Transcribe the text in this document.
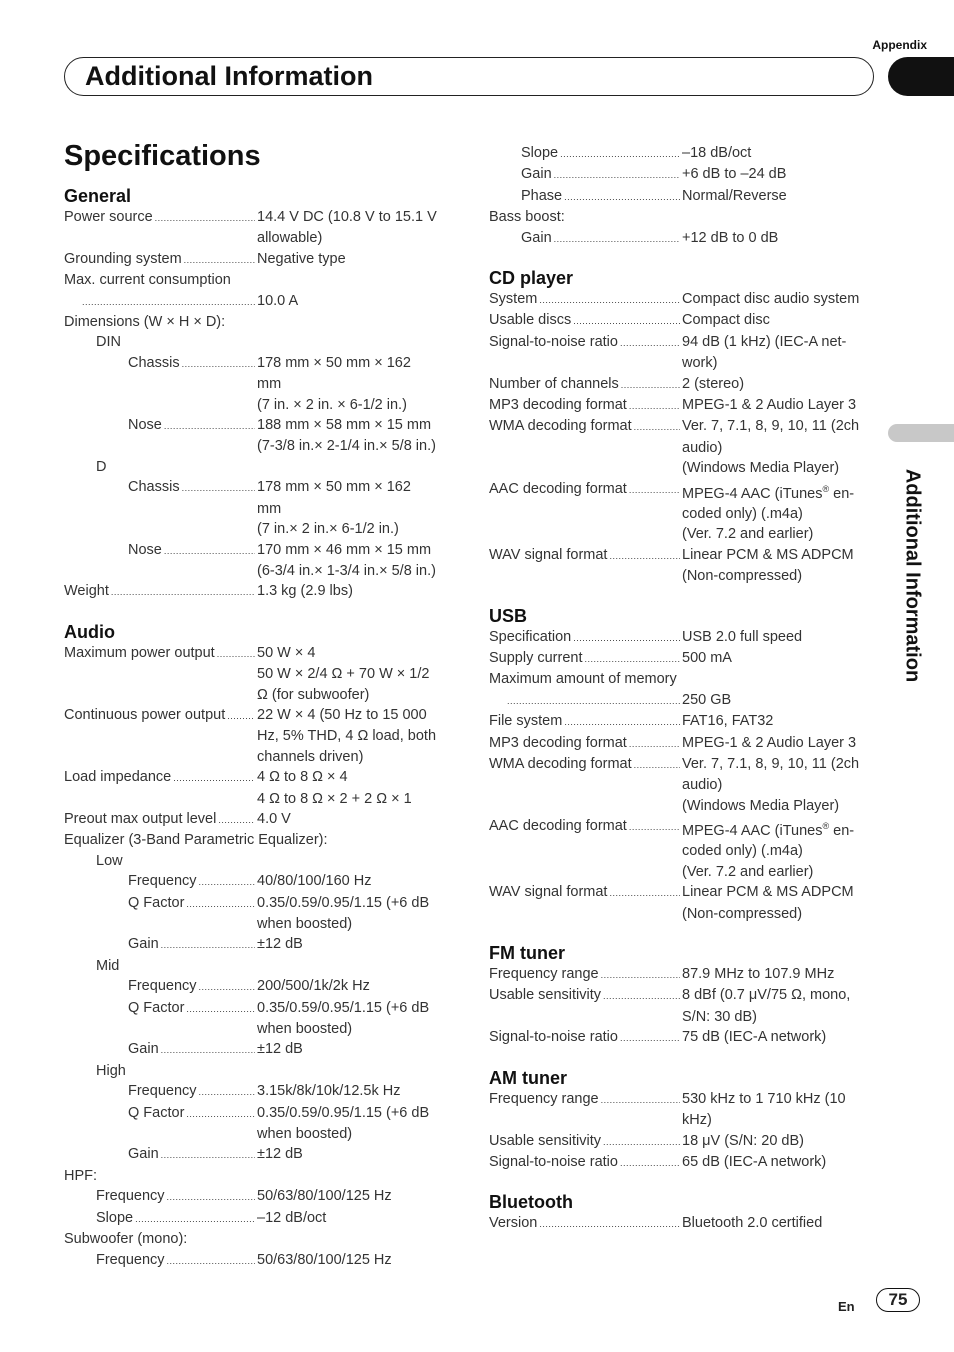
Appendix
Additional Information
Additional Information
Specifications
General
Power source .....	14.4 V DC (10.8 V to 15.1 V
allowable)
Grounding system .....	Negative type
Max. current consumption
.....
10.0 A
Dimensions (W × H × D):
DIN
Chassis .....	178 mm × 50 mm × 162
mm
(7 in. × 2 in. × 6-1/2 in.)
Nose .....	188 mm × 58 mm × 15 mm
(7-3/8 in.× 2-1/4 in.× 5/8 in.)
D
Chassis .....	178 mm × 50 mm × 162
mm
(7 in.× 2 in.× 6-1/2 in.)
Nose .....	170 mm × 46 mm × 15 mm
(6-3/4 in.× 1-3/4 in.× 5/8 in.)
Weight .....	1.3 kg (2.9 lbs)
Audio
Maximum power output .....	50 W × 4
50 W × 2/4 Ω + 70 W × 1/2
Ω (for subwoofer)
Continuous power output ..... 22 W × 4 (50 Hz to 15 000
Hz, 5% THD, 4 Ω load, both
channels driven)
Load impedance .....	4 Ω to 8 Ω × 4
4 Ω to 8 Ω × 2 + 2 Ω × 1
Preout max output level .....	4.0 V
Equalizer (3-Band Parametric Equalizer):
Low
Frequency .....	40/80/100/160 Hz
Q Factor .....	0.35/0.59/0.95/1.15 (+6 dB
when boosted)
Gain .....	±12 dB
Mid
Frequency .....	200/500/1k/2k Hz
Q Factor .....	0.35/0.59/0.95/1.15 (+6 dB
when boosted)
Gain .....	±12 dB
High
Frequency .....	3.15k/8k/10k/12.5k Hz
Q Factor .....	0.35/0.59/0.95/1.15 (+6 dB
when boosted)
Gain .....	±12 dB
HPF:
Frequency .....	50/63/80/100/125 Hz
Slope .....	–12 dB/oct
Subwoofer (mono):
Frequency .....	50/63/80/100/125 Hz
Slope .....	–18 dB/oct
Gain .....	+6 dB to –24 dB
Phase .....	Normal/Reverse
Bass boost:
Gain .....	+12 dB to 0 dB
CD player
System .....	Compact disc audio system
Usable discs .....	Compact disc
Signal-to-noise ratio .....	94 dB (1 kHz) (IEC-A net-
work)
Number of channels .....	2 (stereo)
MP3 decoding format .....	MPEG-1 & 2 Audio Layer 3
WMA decoding format .....	Ver. 7, 7.1, 8, 9, 10, 11 (2ch
audio)
(Windows Media Player)
AAC decoding format .....	MPEG-4 AAC (iTunes® en-
coded only) (.m4a)
(Ver. 7.2 and earlier)
WAV signal format .....	Linear PCM & MS ADPCM
(Non-compressed)
USB
Specification .....	USB 2.0 full speed
Supply current .....	500 mA
Maximum amount of memory
.....
250 GB
File system .....	FAT16, FAT32
MP3 decoding format .....	MPEG-1 & 2 Audio Layer 3
WMA decoding format .....	Ver. 7, 7.1, 8, 9, 10, 11 (2ch
audio)
(Windows Media Player)
AAC decoding format .....	MPEG-4 AAC (iTunes® en-
coded only) (.m4a)
(Ver. 7.2 and earlier)
WAV signal format .....	Linear PCM & MS ADPCM
(Non-compressed)
FM tuner
Frequency range .....	87.9 MHz to 107.9 MHz
Usable sensitivity .....	8 dBf (0.7 μV/75 Ω, mono,
S/N: 30 dB)
Signal-to-noise ratio .....	75 dB (IEC-A network)
AM tuner
Frequency range .....	530 kHz to 1 710 kHz (10
kHz)
Usable sensitivity .....	18 μV (S/N: 20 dB)
Signal-to-noise ratio .....	65 dB (IEC-A network)
Bluetooth
Version .....	Bluetooth 2.0 certified
En	75
